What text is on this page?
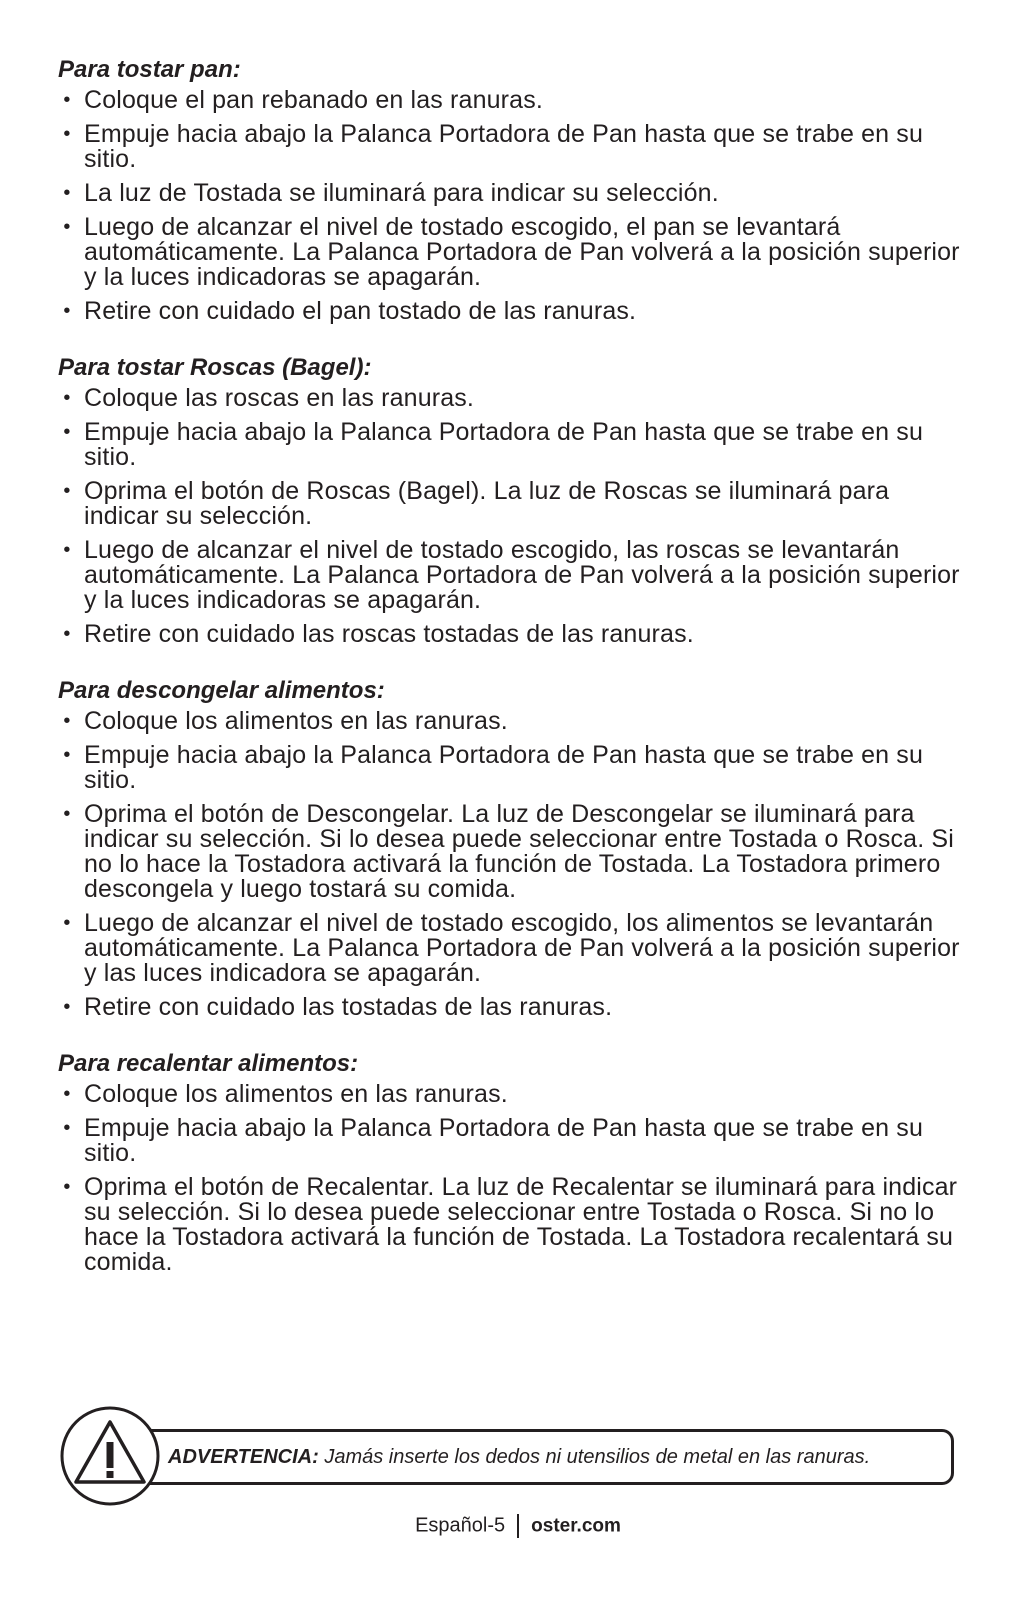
Para tostar pan:
• Coloque el pan rebanado en las ranuras.
• Empuje hacia abajo la Palanca Portadora de Pan hasta que se trabe en su sitio.
• La luz de Tostada se iluminará para indicar su selección.
• Luego de alcanzar el nivel de tostado escogido, el pan se levantará automáticamente. La Palanca Portadora de Pan volverá a la posición superior y la luces indicadoras se apagarán.
• Retire con cuidado el pan tostado de las ranuras.
Para tostar Roscas (Bagel):
• Coloque las roscas en las ranuras.
• Empuje hacia abajo la Palanca Portadora de Pan hasta que se trabe en su sitio.
• Oprima el botón de Roscas (Bagel). La luz de Roscas se iluminará para indicar su selección.
• Luego de alcanzar el nivel de tostado escogido, las roscas se levantarán automáticamente. La Palanca Portadora de Pan volverá a la posición superior y la luces indicadoras se apagarán.
• Retire con cuidado las roscas tostadas de las ranuras.
Para descongelar alimentos:
• Coloque los alimentos en las ranuras.
• Empuje hacia abajo la Palanca Portadora de Pan hasta que se trabe en su sitio.
• Oprima el botón de Descongelar. La luz de Descongelar se iluminará para indicar su selección. Si lo desea puede seleccionar entre Tostada o Rosca. Si no lo hace la Tostadora activará la función de Tostada. La Tostadora primero descongela y luego tostará su comida.
• Luego de alcanzar el nivel de tostado escogido, los alimentos se levantarán automáticamente. La Palanca Portadora de Pan volverá a la posición superior y las luces indicadora se apagarán.
• Retire con cuidado las tostadas de las ranuras.
Para recalentar alimentos:
• Coloque los alimentos en las ranuras.
• Empuje hacia abajo la Palanca Portadora de Pan hasta que se trabe en su sitio.
• Oprima el botón de Recalentar. La luz de Recalentar se iluminará para indicar su selección. Si lo desea puede seleccionar entre Tostada o Rosca. Si no lo hace la Tostadora activará la función de Tostada. La Tostadora recalentará su comida.
ADVERTENCIA: Jamás inserte los dedos ni utensilios de metal en las ranuras.
Español-5 oster.com
